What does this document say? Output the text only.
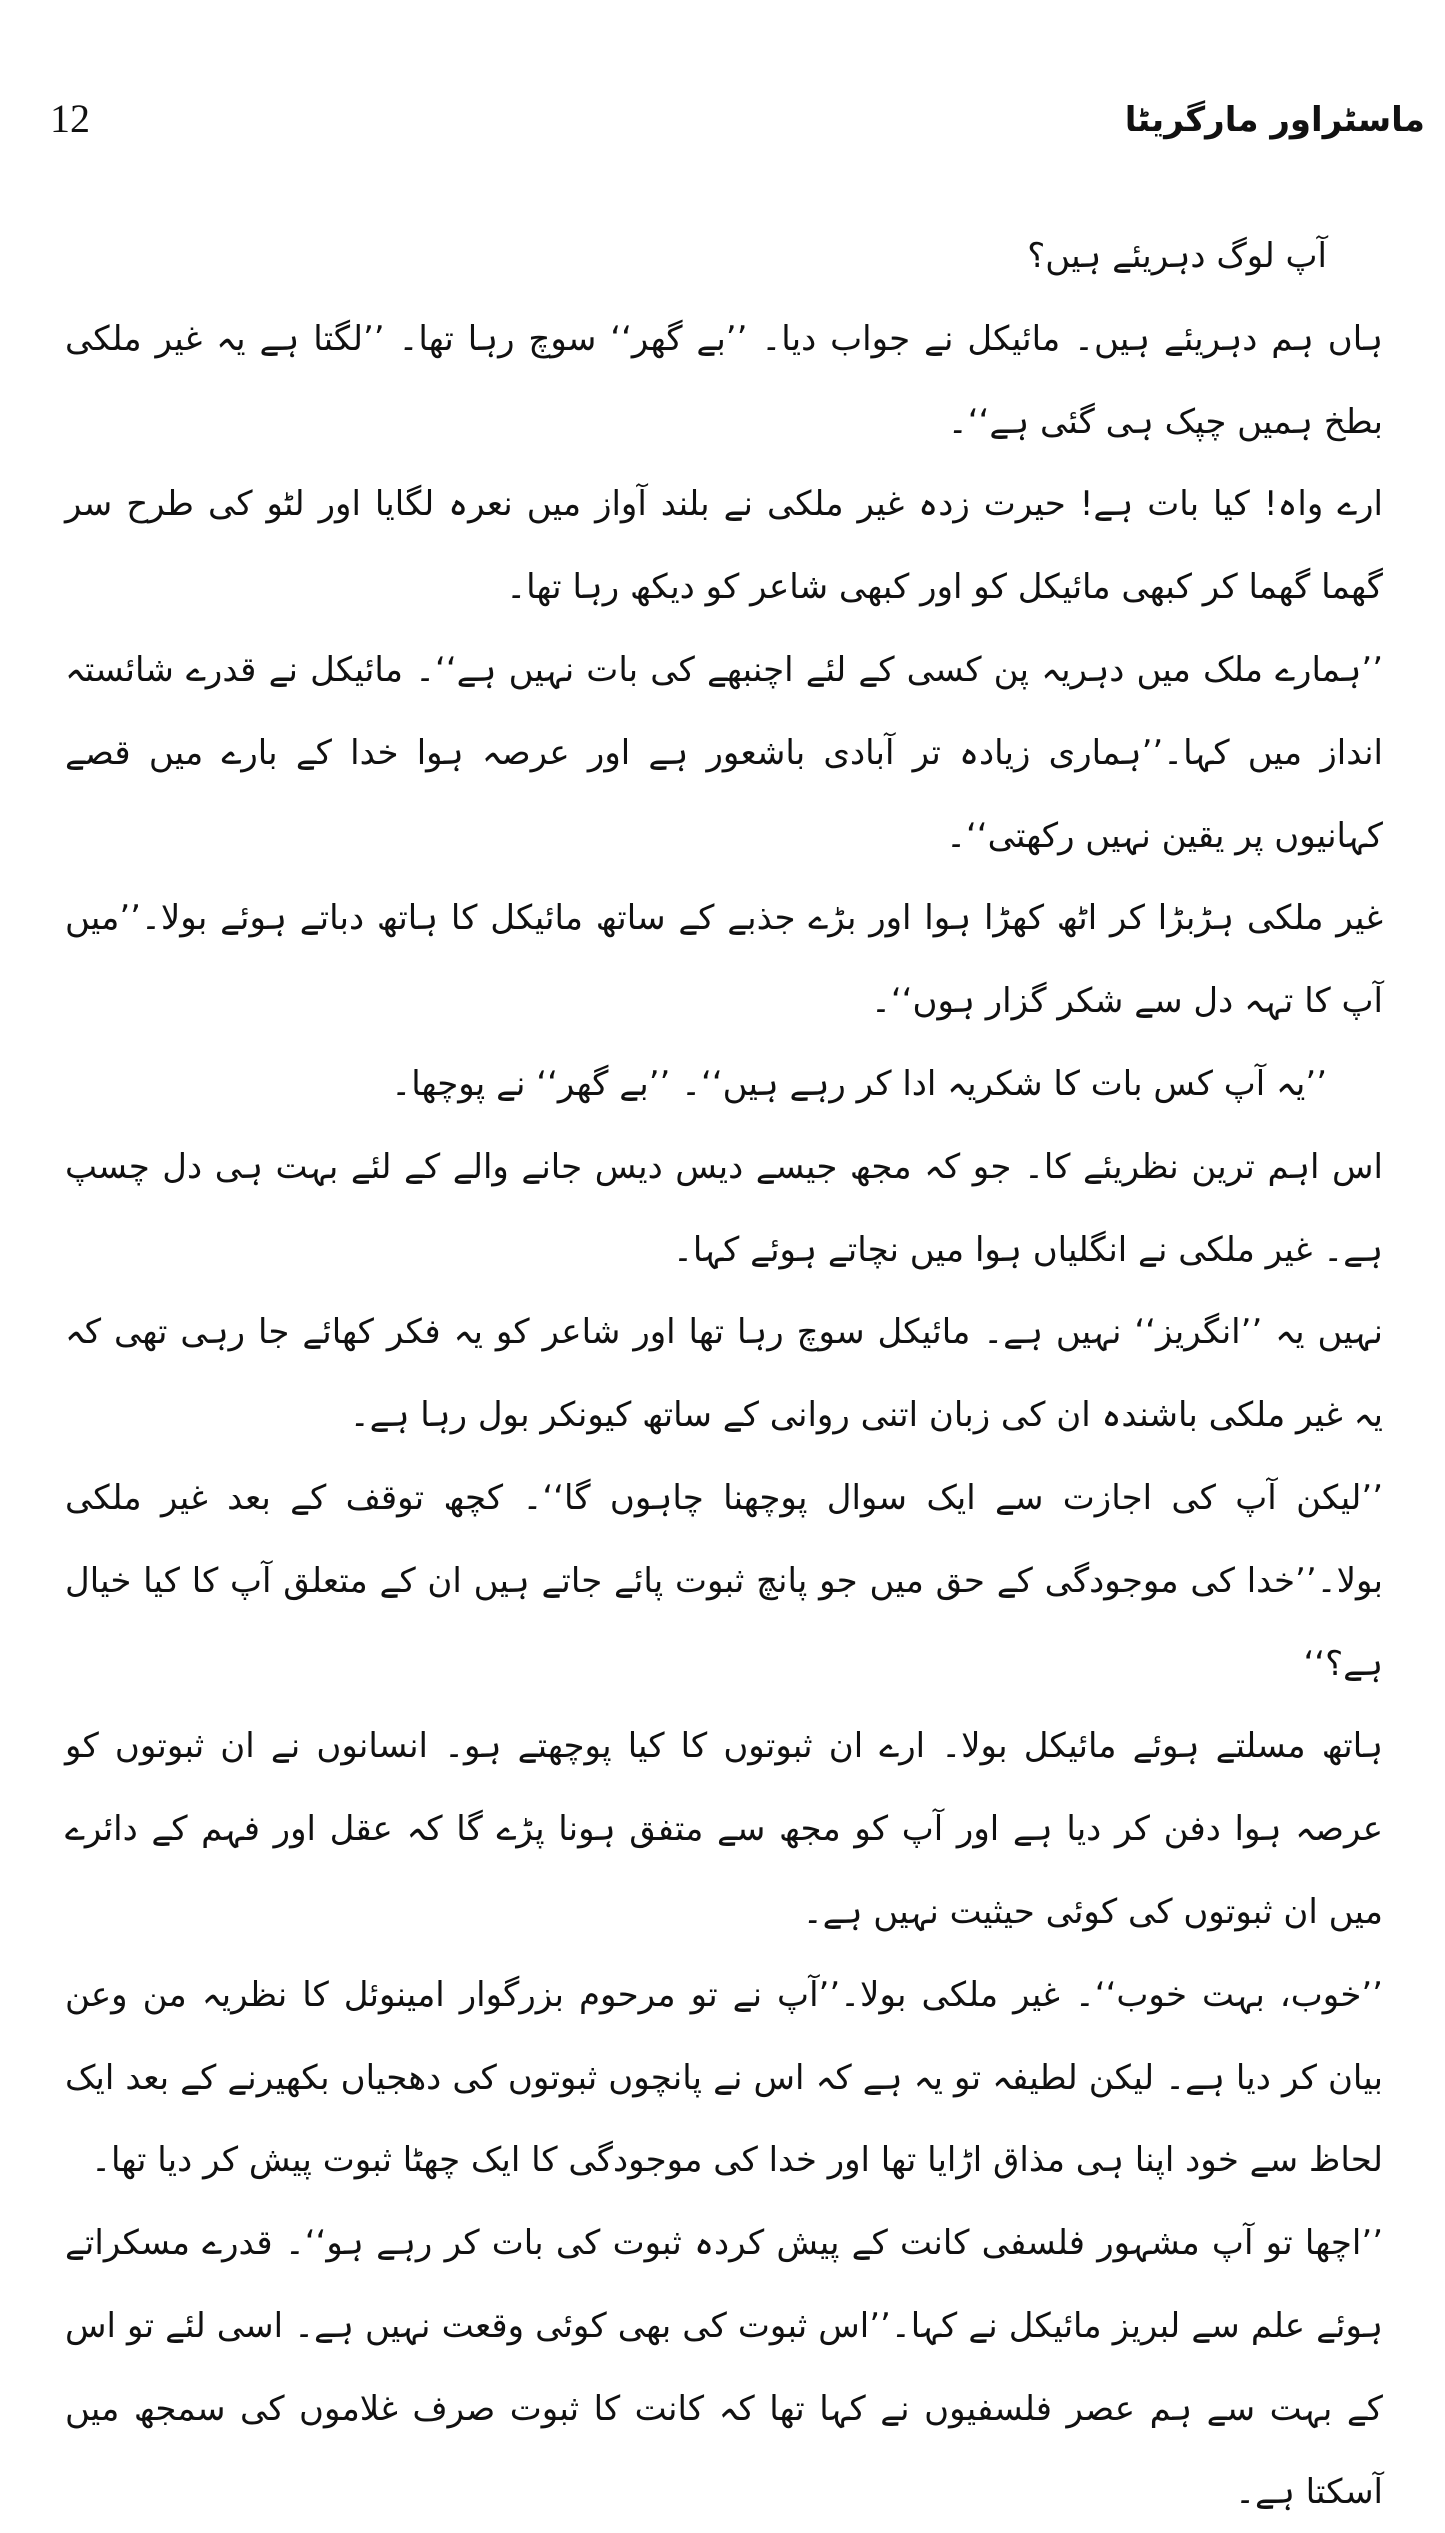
12	ماسٹراور مارگریٹا

آپ لوگ دہریئے ہیں؟

ہاں ہم دہریئے ہیں۔ مائیکل نے جواب دیا۔ ’’بے گھر‘‘ سوچ رہا تھا۔ ’’لگتا ہے یہ غیر ملکی بطخ ہمیں چپک ہی گئی ہے‘‘۔

ارے واہ! کیا بات ہے! حیرت زدہ غیر ملکی نے بلند آواز میں نعرہ لگایا اور لٹو کی طرح سر گھما گھما کر کبھی مائیکل کو اور کبھی شاعر کو دیکھ رہا تھا۔

’’ہمارے ملک میں دہریہ پن کسی کے لئے اچنبھے کی بات نہیں ہے‘‘۔ مائیکل نے قدرے شائستہ انداز میں کہا۔’’ہماری زیادہ تر آبادی باشعور ہے اور عرصہ ہوا خدا کے بارے میں قصے کہانیوں پر یقین نہیں رکھتی‘‘۔

غیر ملکی ہڑبڑا کر اٹھ کھڑا ہوا اور بڑے جذبے کے ساتھ مائیکل کا ہاتھ دباتے ہوئے بولا۔’’میں آپ کا تہہ دل سے شکر گزار ہوں‘‘۔

’’یہ آپ کس بات کا شکریہ ادا کر رہے ہیں‘‘۔ ’’بے گھر‘‘ نے پوچھا۔

اس اہم ترین نظریئے کا۔ جو کہ مجھ جیسے دیس دیس جانے والے کے لئے بہت ہی دل چسپ ہے۔ غیر ملکی نے انگلیاں ہوا میں نچاتے ہوئے کہا۔

نہیں یہ ’’انگریز‘‘ نہیں ہے۔ مائیکل سوچ رہا تھا اور شاعر کو یہ فکر کھائے جا رہی تھی کہ یہ غیر ملکی باشندہ ان کی زبان اتنی روانی کے ساتھ کیونکر بول رہا ہے۔

’’لیکن آپ کی اجازت سے ایک سوال پوچھنا چاہوں گا‘‘۔ کچھ توقف کے بعد غیر ملکی بولا۔’’خدا کی موجودگی کے حق میں جو پانچ ثبوت پائے جاتے ہیں ان کے متعلق آپ کا کیا خیال ہے؟‘‘

ہاتھ مسلتے ہوئے مائیکل بولا۔ ارے ان ثبوتوں کا کیا پوچھتے ہو۔ انسانوں نے ان ثبوتوں کو عرصہ ہوا دفن کر دیا ہے اور آپ کو مجھ سے متفق ہونا پڑے گا کہ عقل اور فہم کے دائرے میں ان ثبوتوں کی کوئی حیثیت نہیں ہے۔

’’خوب، بہت خوب‘‘۔ غیر ملکی بولا۔’’آپ نے تو مرحوم بزرگوار امینوئل کا نظریہ من وعن بیان کر دیا ہے۔ لیکن لطیفہ تو یہ ہے کہ اس نے پانچوں ثبوتوں کی دھجیاں بکھیرنے کے بعد ایک لحاظ سے خود اپنا ہی مذاق اڑایا تھا اور خدا کی موجودگی کا ایک چھٹا ثبوت پیش کر دیا تھا۔

’’اچھا تو آپ مشہور فلسفی کانت کے پیش کردہ ثبوت کی بات کر رہے ہو‘‘۔ قدرے مسکراتے ہوئے علم سے لبریز مائیکل نے کہا۔’’اس ثبوت کی بھی کوئی وقعت نہیں ہے۔ اسی لئے تو اس کے بہت سے ہم عصر فلسفیوں نے کہا تھا کہ کانت کا ثبوت صرف غلاموں کی سمجھ میں آسکتا ہے۔
